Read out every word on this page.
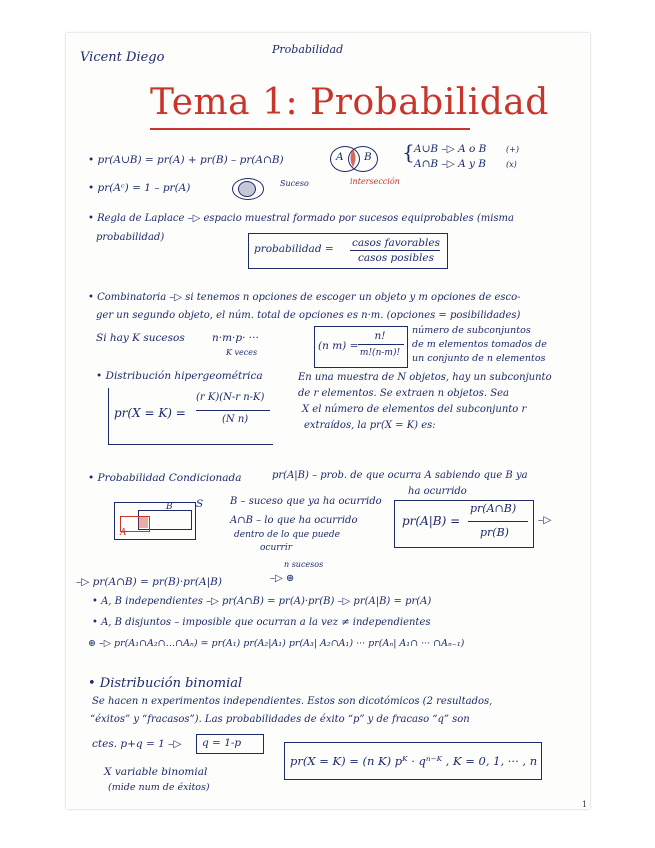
Vicent Diego
Probabilidad
Tema 1: Probabilidad
• pr(A∪B) = pr(A) + pr(B) – pr(A∩B)
• pr(Aᶜ) = 1 – pr(A)
A B
intersección
Suceso
{ A∪B –▷ A o B (+)
A∩B –▷ A y B (x)
• Regla de Laplace –▷ espacio muestral formado por sucesos equiprobables (misma
probabilidad)
probabilidad = casos favorables
casos posibles
• Combinatoria –▷ si tenemos n opciones de escoger un objeto y m opciones de esco-
ger un segundo objeto, el núm. total de opciones es n·m. (opciones = posibilidades)
Si hay K sucesos	n·m·p· ···
K veces
(n m) =
n!
m!(n-m)!
número de subconjuntos
de m elementos tomados de
un conjunto de n elementos
• Distribución hipergeométrica
pr(X = K) =
(r K)(N-r n-K)
(N n)
En una muestra de N objetos, hay un subconjunto
de r elementos. Se extraen n objetos. Sea
X el número de elementos del subconjunto r
extraídos, la pr(X = K) es:
• Probabilidad Condicionada	pr(A|B) – prob. de que ocurra A sabiendo que B ya
ha ocurrido
S
B
A
B – suceso que ya ha ocurrido
A∩B – lo que ha ocurrido
dentro de lo que puede
ocurrir
pr(A|B) =
pr(A∩B)
pr(B)
–▷
n sucesos
–▷ pr(A∩B) = pr(B)·pr(A|B)	–▷ ⊛
• A, B independientes –▷ pr(A∩B) = pr(A)·pr(B) –▷ pr(A|B) = pr(A)
• A, B disjuntos – imposible que ocurran a la vez ≠ independientes
⊛ –▷ pr(A₁∩A₂∩…∩Aₙ) = pr(A₁) pr(A₂|A₁) pr(A₃| A₂∩A₁) ··· pr(Aₙ| A₁∩ ··· ∩Aₙ₋₁)
• Distribución binomial
Se hacen n experimentos independientes. Estos son dicotómicos (2 resultados,
“éxitos” y “fracasos”). Las probabilidades de éxito “p” y de fracaso “q” son
ctes. p+q = 1 –▷ q = 1-p
X variable binomial
(mide num de éxitos)
pr(X = K) = (n K) pᴷ · qⁿ⁻ᴷ , K = 0, 1, ··· , n
1
